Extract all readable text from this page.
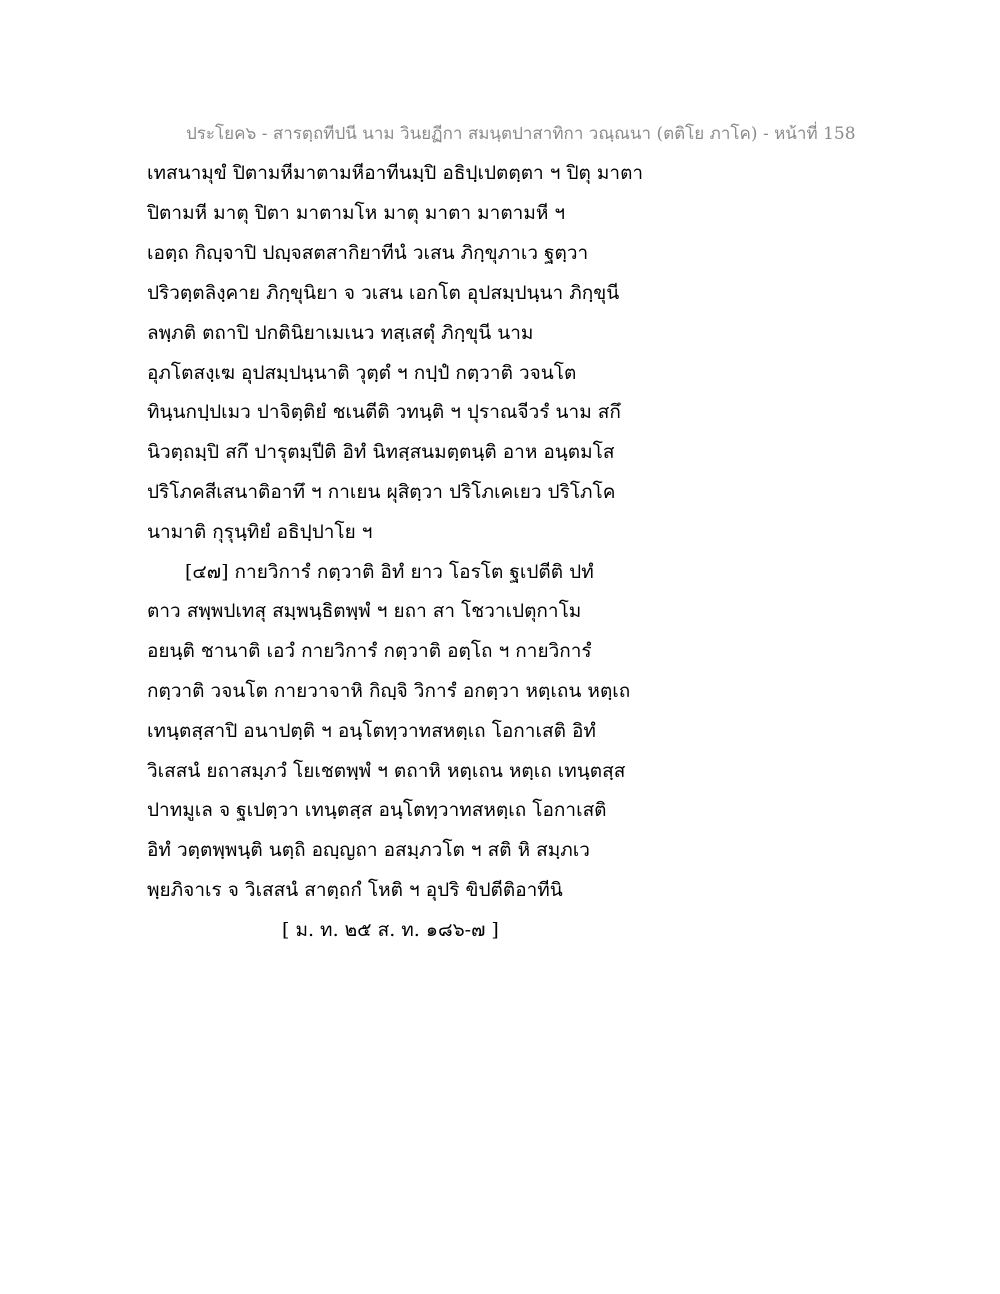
ประโยค๖ - สารตฺถทีปนี นาม วินยฏีกา สมนฺตปาสาทิกา วณฺณนา (ตติโย ภาโค) - หน้าที่ 158
เทสนามุขํ ปิตามหีมาตามหีอาทีนมฺปิ อธิปฺเปตตฺตา ฯ ปิตุ มาตา
ปิตามหี มาตุ ปิตา มาตามโห มาตุ มาตา มาตามหี ฯ
เอตฺถ กิญฺจาปิ ปญฺจสตสากิยาทีนํ วเสน ภิกฺขุภาเว ฐตฺวา
ปริวตฺตลิงฺคาย ภิกฺขุนิยา จ วเสน เอกโต อุปสมฺปนฺนา ภิกฺขุนี
ลพฺภติ ตถาปิ ปกตินิยาเมเนว ทสฺเสตุํ ภิกฺขุนี นาม
อุภโตสงฺเฆ อุปสมฺปนฺนาติ วุตฺตํ ฯ กปฺปํ กตฺวาติ วจนโต
ทินฺนกปฺปเมว ปาจิตฺติยํ ชเนตีติ วทนฺติ ฯ ปุราณจีวรํ นาม สกึ
นิวตฺถมฺปิ สกึ ปารุตมฺปีติ อิทํ นิทสฺสนมตฺตนฺติ อาห อนฺตมโส
ปริโภคสีเสนาติอาทึ ฯ กาเยน ผุสิตฺวา ปริโภเคเยว ปริโภโค
นามาติ กุรุนฺทิยํ อธิปฺปาโย ฯ
[๔๗] กายวิการํ กตฺวาติ อิทํ ยาว โอรโต ฐเปตีติ ปทํ
ตาว สพฺพปเทสุ สมฺพนฺธิตพฺพํ ฯ ยถา สา โชวาเปตุกาโม
อยนฺติ ชานาติ เอวํ กายวิการํ กตฺวาติ อตฺโถ ฯ กายวิการํ
กตฺวาติ วจนโต กายวาจาหิ กิญฺจิ วิการํ อกตฺวา หตฺเถน หตฺเถ
เทนฺตสฺสาปิ อนาปตฺติ ฯ อนฺโตทฺวาทสหตฺเถ โอกาเสติ อิทํ
วิเสสนํ ยถาสมฺภวํ โยเชตพฺพํ ฯ ตถาหิ หตฺเถน หตฺเถ เทนฺตสฺส
ปาทมูเล จ ฐเปตฺวา เทนฺตสฺส อนฺโตทฺวาทสหตฺเถ โอกาเสติ
อิทํ วตฺตพฺพนฺติ นตฺถิ อญฺญถา อสมฺภวโต ฯ สติ หิ สมฺภเว
พฺยภิจาเร จ วิเสสนํ สาตฺถกํ โหติ ฯ อุปริ ขิปตีติอาทีนิ
[ ม. ท. ๒๕ ส. ท. ๑๘๖-๗ ]
